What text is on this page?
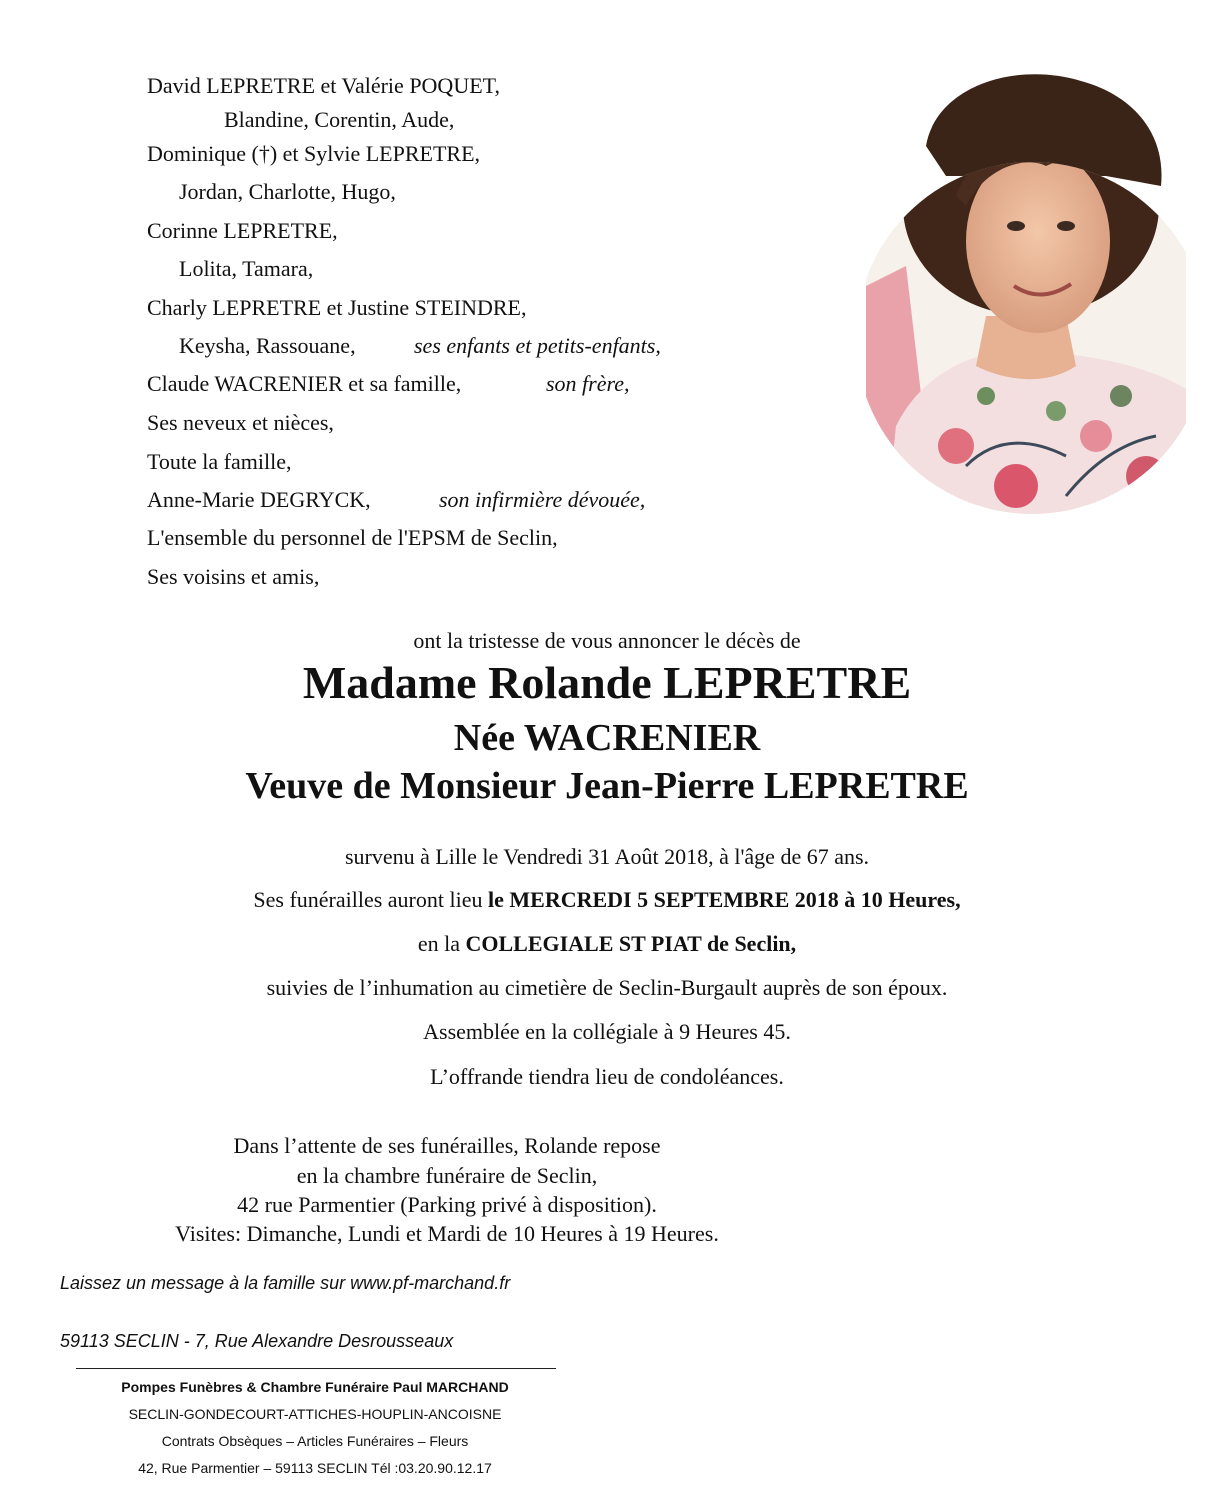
David LEPRETRE et Valérie POQUET,
Blandine, Corentin, Aude,
Dominique (†) et Sylvie LEPRETRE,
Jordan, Charlotte, Hugo,
Corinne LEPRETRE,
Lolita, Tamara,
Charly LEPRETRE et Justine STEINDRE,
Keysha, Rassouane,	ses enfants et petits-enfants,
Claude WACRENIER et sa famille,	son frère,
Ses neveux et nièces,
Toute la famille,
Anne-Marie DEGRYCK,	son infirmière dévouée,
L'ensemble du personnel de l'EPSM de Seclin,
Ses voisins et amis,
ont la tristesse de vous annoncer le décès de
Madame Rolande LEPRETRE
Née WACRENIER
Veuve de Monsieur Jean-Pierre LEPRETRE
survenu à Lille le Vendredi 31 Août 2018, à l'âge de 67 ans.
Ses funérailles auront lieu le MERCREDI 5 SEPTEMBRE 2018 à 10 Heures,
en la COLLEGIALE ST PIAT de Seclin,
suivies de l’inhumation au cimetière de Seclin-Burgault auprès de son époux.
Assemblée en la collégiale à 9 Heures 45.
L’offrande tiendra lieu de condoléances.
Dans l’attente de ses funérailles, Rolande repose
en la chambre funéraire de Seclin,
42 rue Parmentier (Parking privé à disposition).
Visites: Dimanche, Lundi et Mardi de 10 Heures à 19 Heures.
Laissez un message à la famille sur www.pf-marchand.fr
59113 SECLIN - 7, Rue Alexandre Desrousseaux
Pompes Funèbres & Chambre Funéraire Paul MARCHAND
SECLIN-GONDECOURT-ATTICHES-HOUPLIN-ANCOISNE
Contrats Obsèques – Articles Funéraires – Fleurs
42, Rue Parmentier – 59113 SECLIN Tél :03.20.90.12.17
